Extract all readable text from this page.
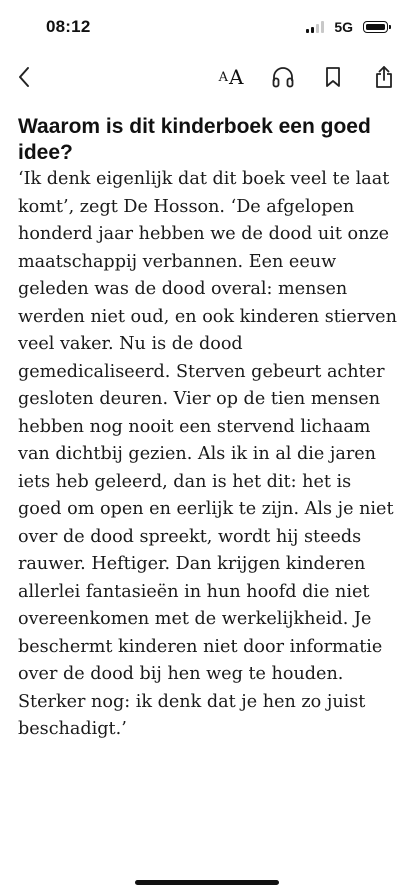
08:12	5G
A A
Waarom is dit kinderboek een goed idee?

‘Ik denk eigenlijk dat dit boek veel te laat komt’, zegt De Hosson. ‘De afgelopen honderd jaar hebben we de dood uit onze maatschappij verbannen. Een eeuw geleden was de dood overal: mensen werden niet oud, en ook kinderen stierven veel vaker. Nu is de dood gemedicaliseerd. Sterven gebeurt achter gesloten deuren. Vier op de tien mensen hebben nog nooit een stervend lichaam van dichtbij gezien. Als ik in al die jaren iets heb geleerd, dan is het dit: het is goed om open en eerlijk te zijn. Als je niet over de dood spreekt, wordt hij steeds rauwer. Heftiger. Dan krijgen kinderen allerlei fantasieën in hun hoofd die niet overeenkomen met de werkelijkheid. Je beschermt kinderen niet door informatie over de dood bij hen weg te houden. Sterker nog: ik denk dat je hen zo juist beschadigt.’
